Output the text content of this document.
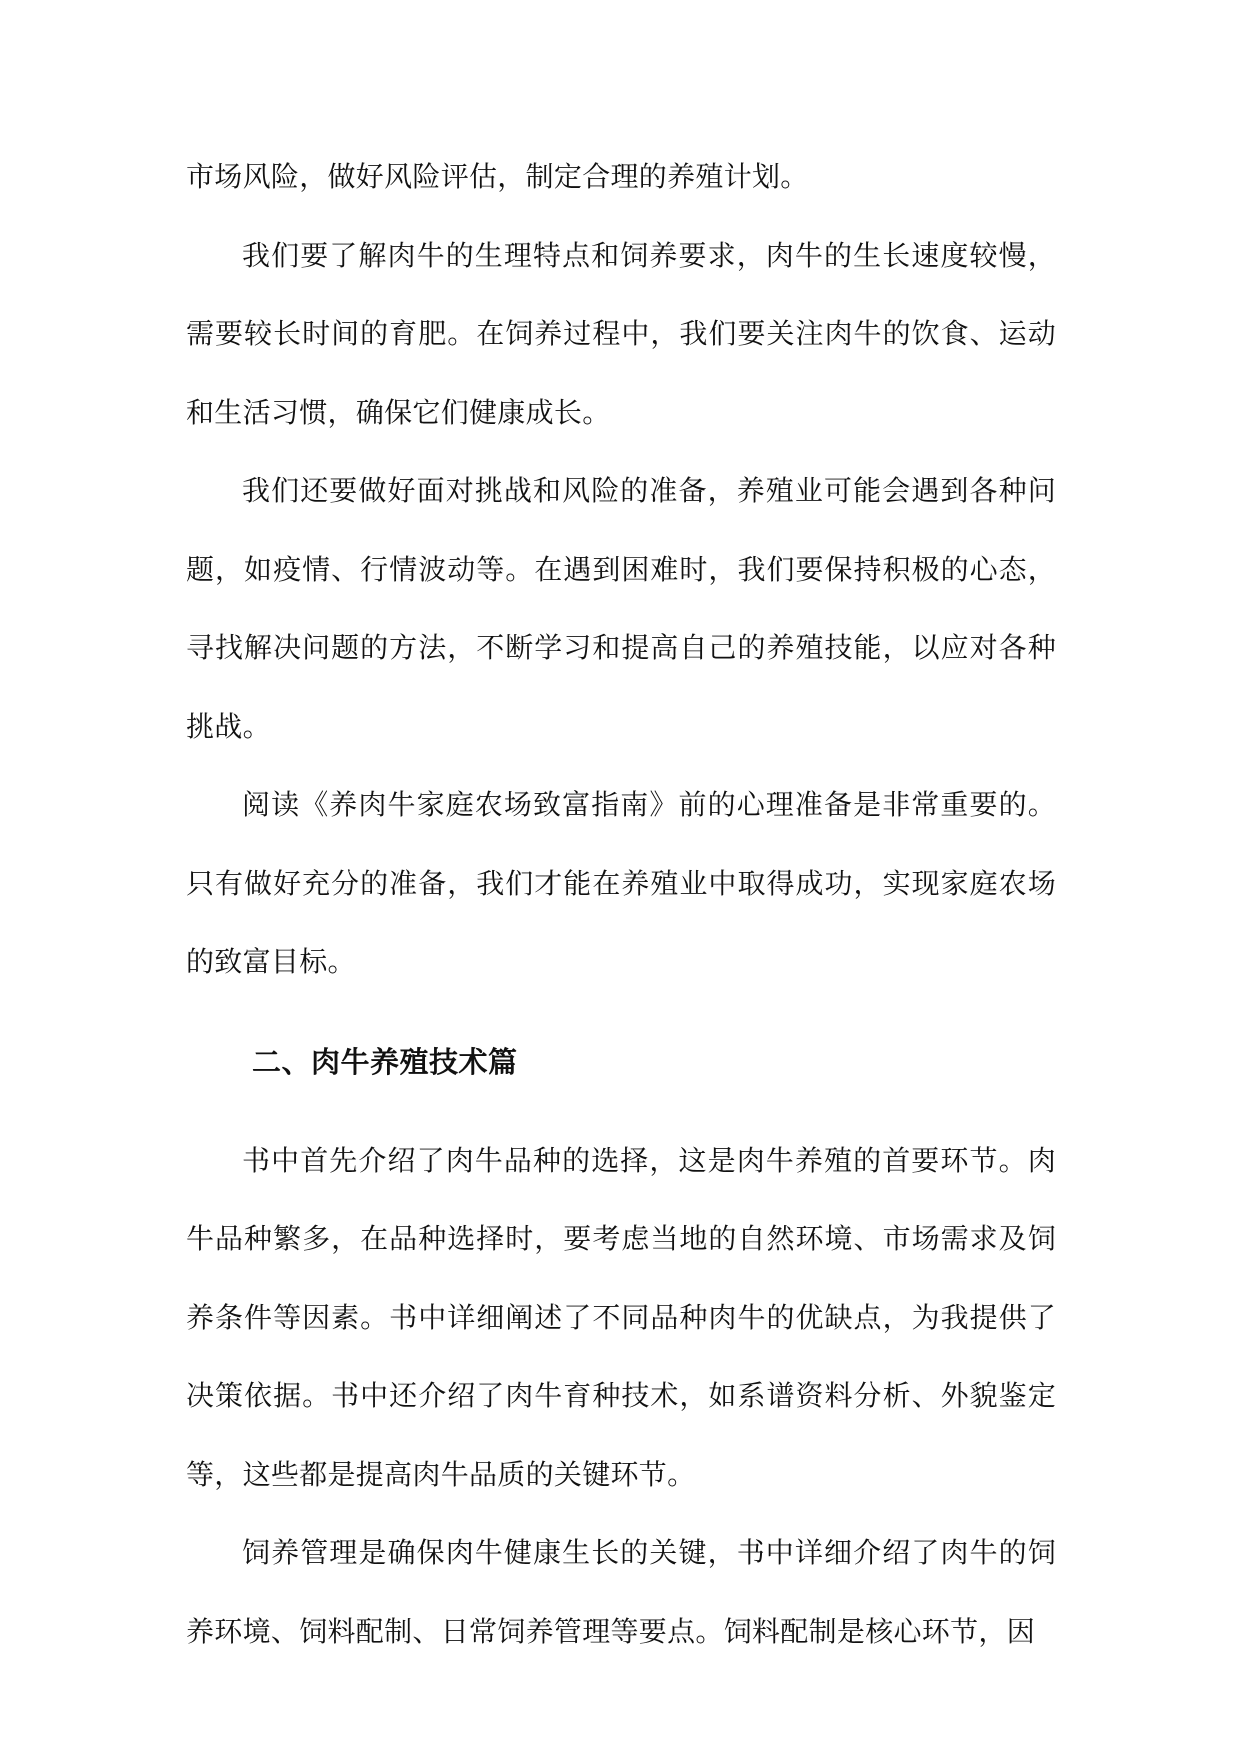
市场风险，做好风险评估，制定合理的养殖计划。

我们要了解肉牛的生理特点和饲养要求，肉牛的生长速度较慢，需要较长时间的育肥。在饲养过程中，我们要关注肉牛的饮食、运动和生活习惯，确保它们健康成长。

我们还要做好面对挑战和风险的准备，养殖业可能会遇到各种问题，如疫情、行情波动等。在遇到困难时，我们要保持积极的心态，寻找解决问题的方法，不断学习和提高自己的养殖技能，以应对各种挑战。

阅读《养肉牛家庭农场致富指南》前的心理准备是非常重要的。只有做好充分的准备，我们才能在养殖业中取得成功，实现家庭农场的致富目标。

二、肉牛养殖技术篇

书中首先介绍了肉牛品种的选择，这是肉牛养殖的首要环节。肉牛品种繁多，在品种选择时，要考虑当地的自然环境、市场需求及饲养条件等因素。书中详细阐述了不同品种肉牛的优缺点，为我提供了决策依据。书中还介绍了肉牛育种技术，如系谱资料分析、外貌鉴定等，这些都是提高肉牛品质的关键环节。

饲养管理是确保肉牛健康生长的关键，书中详细介绍了肉牛的饲养环境、饲料配制、日常饲养管理等要点。饲料配制是核心环节，因
